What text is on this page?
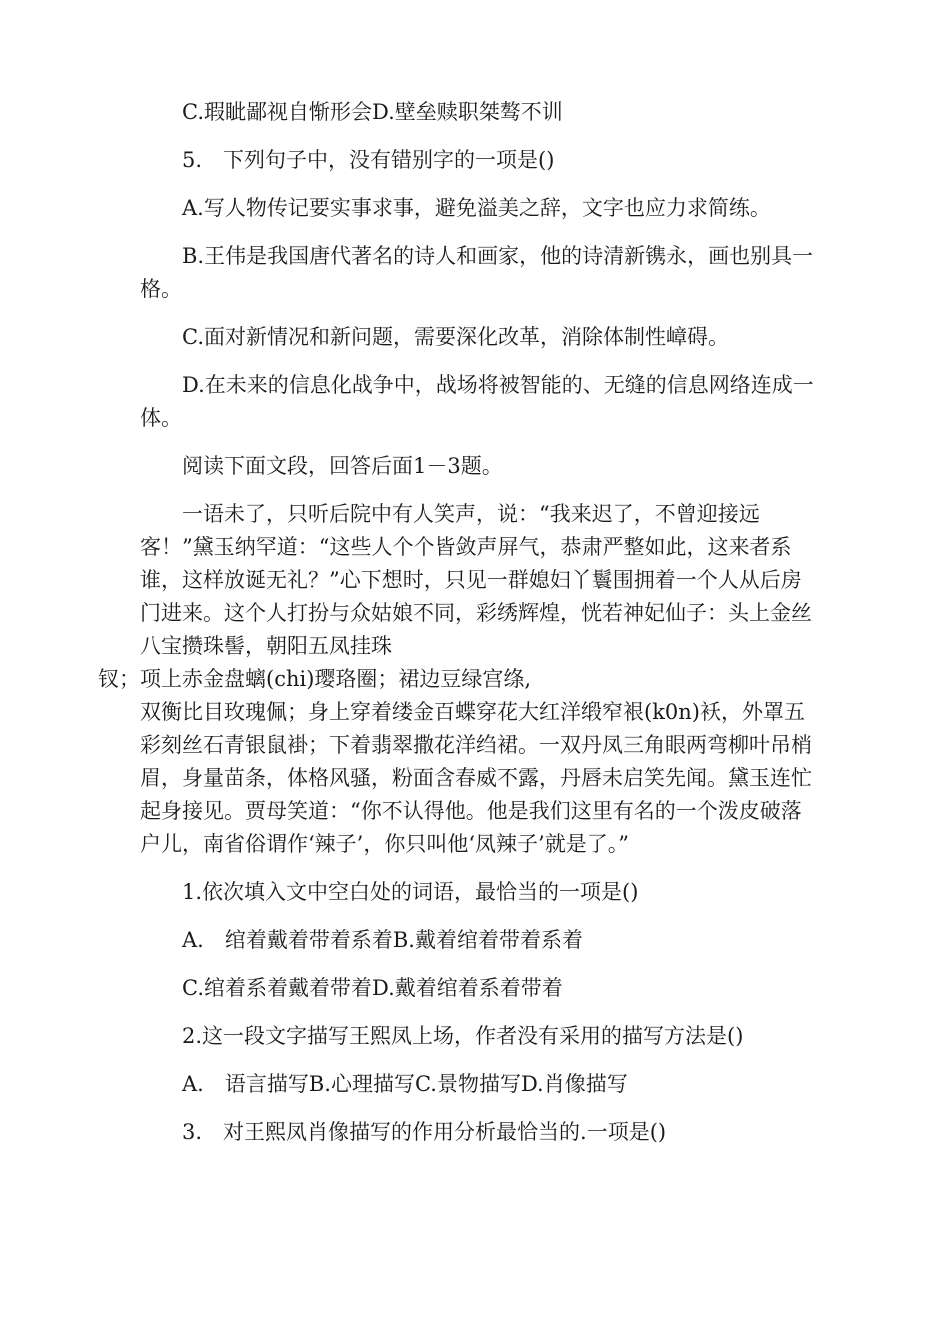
C.瑕眦鄙视自惭形会D.壁垒赎职桀骜不训

5.　下列句子中，没有错别字的一项是()

A.写人物传记要实事求事，避免溢美之辞，文字也应力求简练。

B.王伟是我国唐代著名的诗人和画家，他的诗清新镌永，画也别具一格。

C.面对新情况和新问题，需要深化改革，消除体制性嶂碍。

D.在未来的信息化战争中，战场将被智能的、无缝的信息网络连成一体。

阅读下面文段，回答后面1－3题。

一语未了，只听后院中有人笑声，说：“我来迟了，不曾迎接远客！”黛玉纳罕道：“这些人个个皆敛声屏气，恭肃严整如此，这来者系谁，这样放诞无礼？”心下想时，只见一群媳妇丫鬟围拥着一个人从后房门进来。这个人打扮与众姑娘不同，彩绣辉煌，恍若神妃仙子：头上金丝八宝攒珠髻，朝阳五凤挂珠
钗；项上赤金盘螭(chi)璎珞圈；裙边豆绿宫绦,

双衡比目玫瑰佩；身上穿着缕金百蝶穿花大红洋缎窄裉(k0n)袄，外罩五彩刻丝石青银鼠褂；下着翡翠撒花洋绉裙。一双丹凤三角眼两弯柳叶吊梢眉，身量苗条，体格风骚，粉面含春威不露，丹唇未启笑先闻。黛玉连忙起身接见。贾母笑道：“你不认得他。他是我们这里有名的一个泼皮破落户儿，南省俗谓作‘辣子’，你只叫他‘凤辣子’就是了。”

1.依次填入文中空白处的词语，最恰当的一项是()

A.　绾着戴着带着系着B.戴着绾着带着系着

C.绾着系着戴着带着D.戴着绾着系着带着

2.这一段文字描写王熙凤上场，作者没有采用的描写方法是()

A.　语言描写B.心理描写C.景物描写D.肖像描写

3.　对王熙凤肖像描写的作用分析最恰当的.一项是()
